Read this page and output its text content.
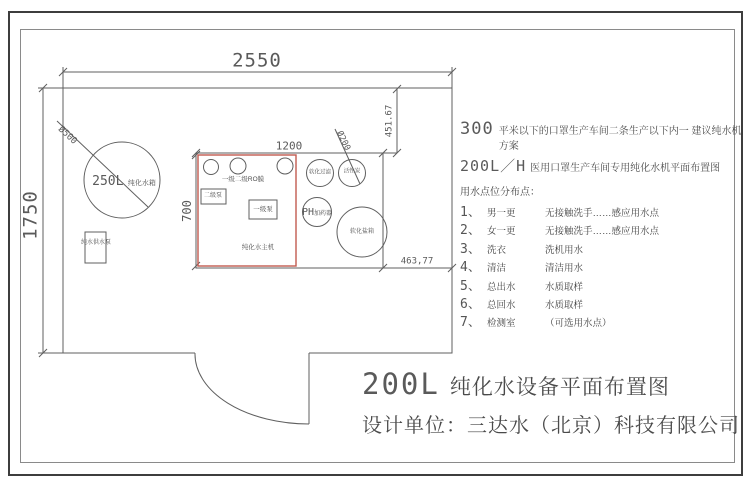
2550
1750
1200
700
Ø500	Ø200
451.67
463,77
250L 纯化水箱
纯水供水泵
一级二级RO膜
二级泵
一级泵
纯化水主机
软化过滤 活性炭
PH加药器
软化盐箱
300 平米以下的口罩生产车间二条生产以下内一 建议纯水机方案
200L／H 医用口罩生产车间专用纯化水机平面布置图
用水点位分布点：
1、 男一更	无接触洗手……感应用水点
2、 女一更	无接触洗手……感应用水点
3、 洗衣	洗机用水
4、 清洁	清洁用水
5、 总出水	水质取样
6、 总回水	水质取样
7、 检测室	（可选用水点）
200L 纯化水设备平面布置图
设计单位：三达水（北京）科技有限公司
